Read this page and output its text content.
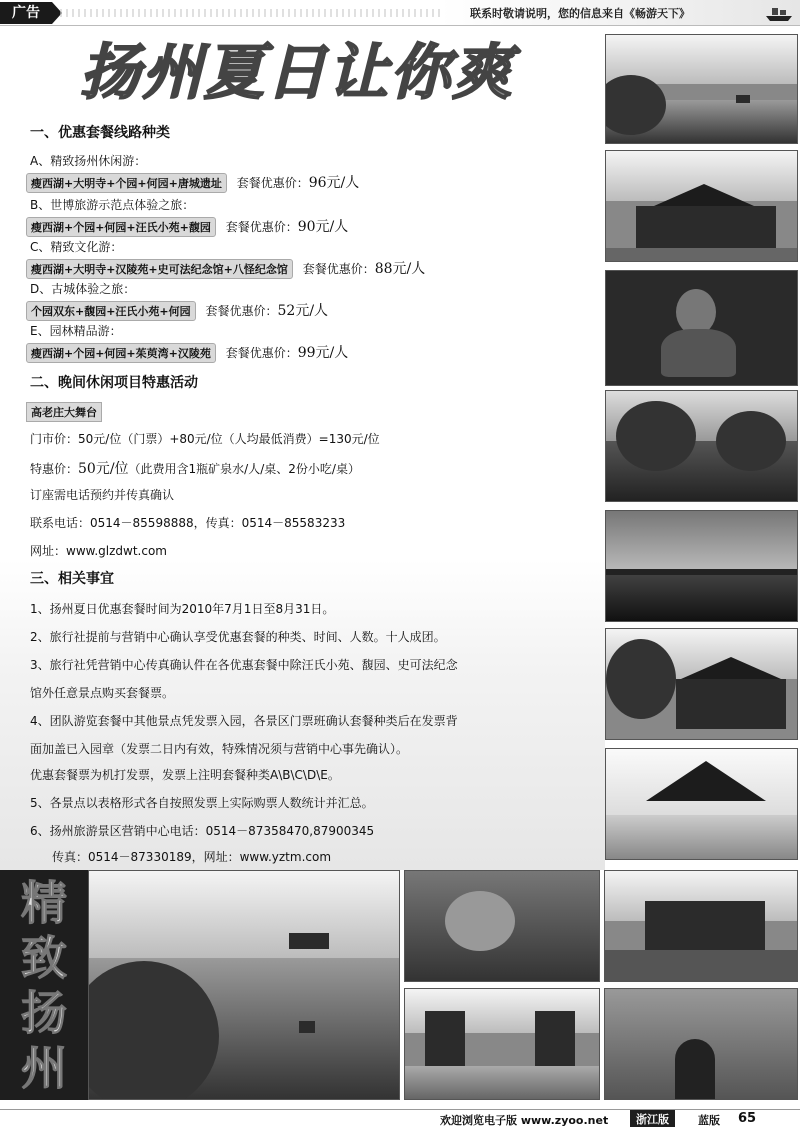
广告	联系时敬请说明，您的信息来自《畅游天下》
扬州夏日让你爽
一、优惠套餐线路种类
A、精致扬州休闲游：
瘦西湖+大明寺+个园+何园+唐城遗址 套餐优惠价：96元/人
B、世博旅游示范点体验之旅：
瘦西湖+个园+何园+汪氏小苑+馥园 套餐优惠价：90元/人
C、精致文化游：
瘦西湖+大明寺+汉陵苑+史可法纪念馆+八怪纪念馆 套餐优惠价：88元/人
D、古城体验之旅：
个园双东+馥园+汪氏小苑+何园 套餐优惠价：52元/人
E、园林精品游：
瘦西湖+个园+何园+茱萸湾+汉陵苑 套餐优惠价：99元/人
二、晚间休闲项目特惠活动
高老庄大舞台
门市价：50元/位（门票）+80元/位（人均最低消费）=130元/位
特惠价：50元/位（此费用含1瓶矿泉水/人/桌、2份小吃/桌）
订座需电话预约并传真确认
联系电话：0514－85598888，传真：0514－85583233
网址：www.glzdwt.com
三、相关事宜
1、扬州夏日优惠套餐时间为2010年7月1日至8月31日。
2、旅行社提前与营销中心确认享受优惠套餐的种类、时间、人数。十人成团。
3、旅行社凭营销中心传真确认件在各优惠套餐中除汪氏小苑、馥园、史可法纪念
馆外任意景点购买套餐票。
4、团队游览套餐中其他景点凭发票入园，各景区门票班确认套餐种类后在发票背
面加盖已入园章（发票二日内有效，特殊情况须与营销中心事先确认）。
优惠套餐票为机打发票，发票上注明套餐种类A\B\C\D\E。
5、各景点以表格形式各自按照发票上实际购票人数统计并汇总。
6、扬州旅游景区营销中心电话：0514－87358470,87900345
传真：0514－87330189，网址：www.yztm.com
精
致
扬
州
欢迎浏览电子版 www.zyoo.net	浙江版	蓝版 65
